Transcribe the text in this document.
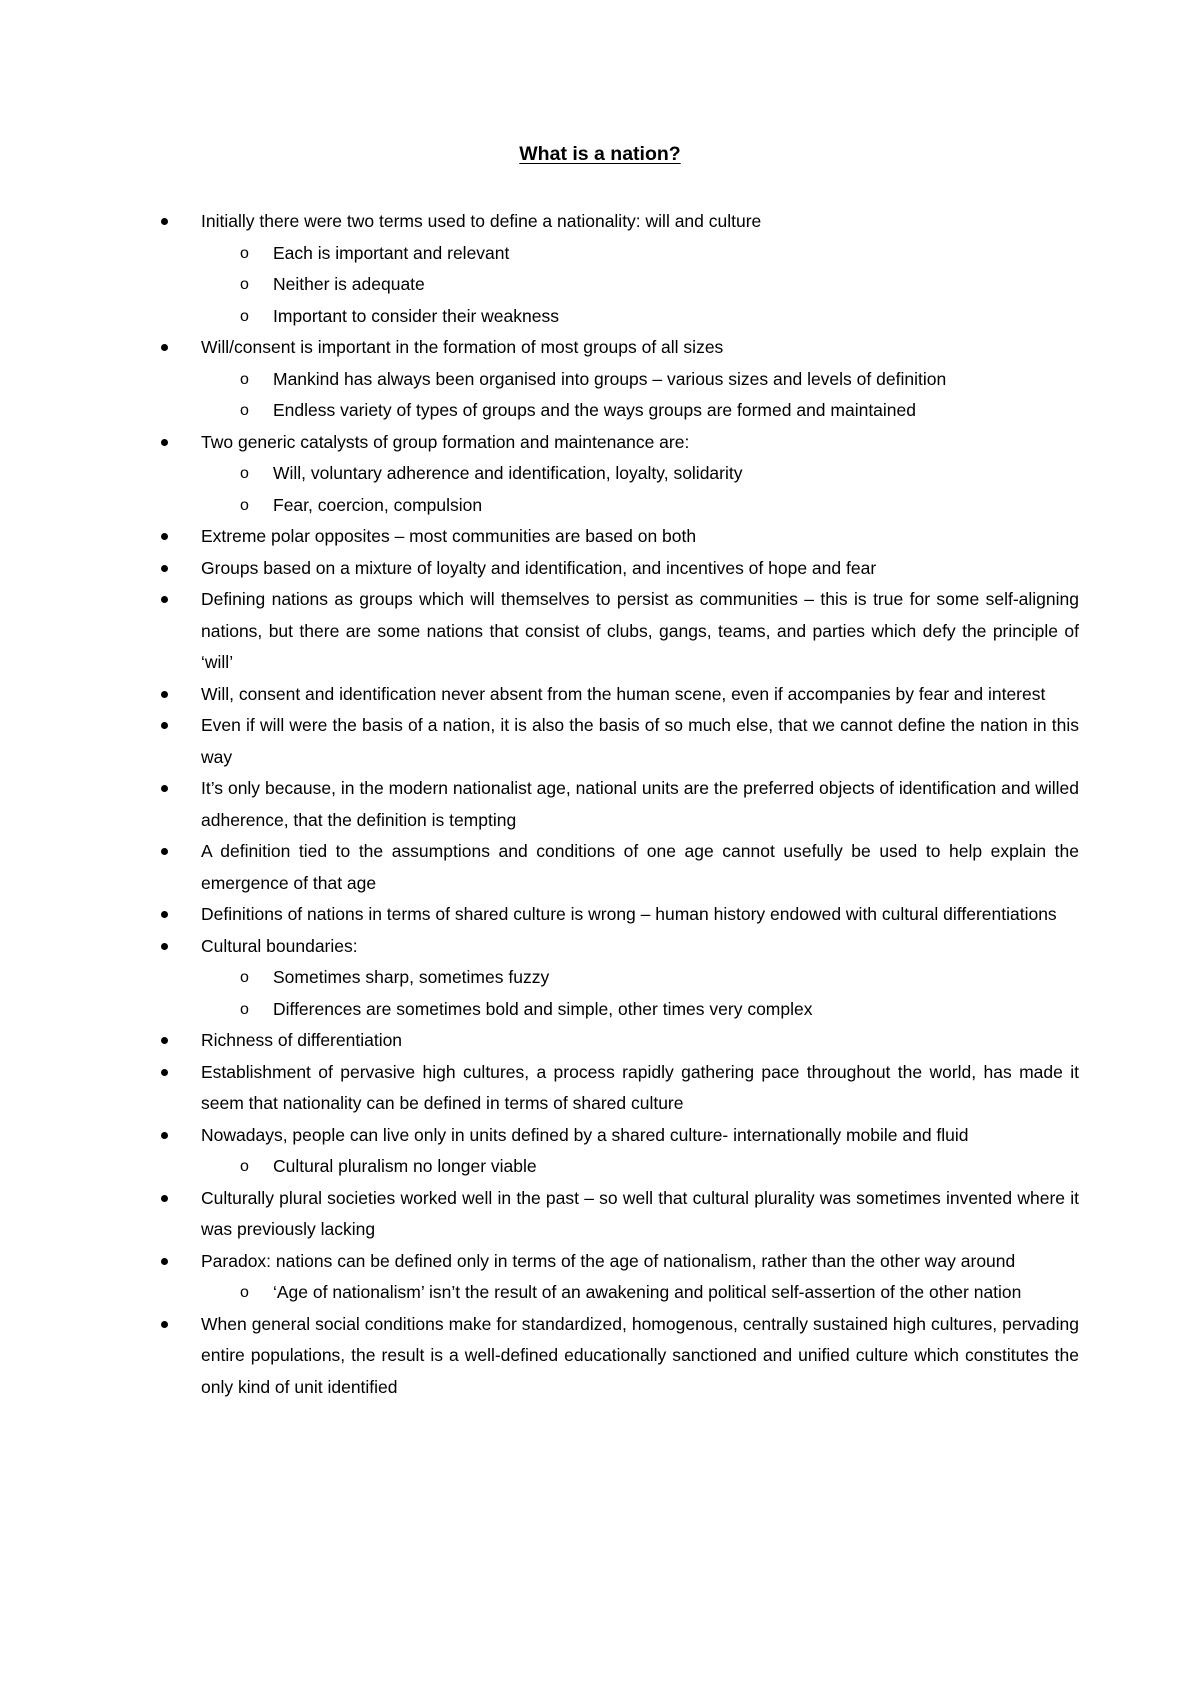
What is a nation?
Initially there were two terms used to define a nationality: will and culture
o Each is important and relevant
o Neither is adequate
o Important to consider their weakness
Will/consent is important in the formation of most groups of all sizes
o Mankind has always been organised into groups – various sizes and levels of definition
o Endless variety of types of groups and the ways groups are formed and maintained
Two generic catalysts of group formation and maintenance are:
o Will, voluntary adherence and identification, loyalty, solidarity
o Fear, coercion, compulsion
Extreme polar opposites – most communities are based on both
Groups based on a mixture of loyalty and identification, and incentives of hope and fear
Defining nations as groups which will themselves to persist as communities – this is true for some self-aligning nations, but there are some nations that consist of clubs, gangs, teams, and parties which defy the principle of ‘will’
Will, consent and identification never absent from the human scene, even if accompanies by fear and interest
Even if will were the basis of a nation, it is also the basis of so much else, that we cannot define the nation in this way
It’s only because, in the modern nationalist age, national units are the preferred objects of identification and willed adherence, that the definition is tempting
A definition tied to the assumptions and conditions of one age cannot usefully be used to help explain the emergence of that age
Definitions of nations in terms of shared culture is wrong – human history endowed with cultural differentiations
Cultural boundaries:
o Sometimes sharp, sometimes fuzzy
o Differences are sometimes bold and simple, other times very complex
Richness of differentiation
Establishment of pervasive high cultures, a process rapidly gathering pace throughout the world, has made it seem that nationality can be defined in terms of shared culture
Nowadays, people can live only in units defined by a shared culture- internationally mobile and fluid
o Cultural pluralism no longer viable
Culturally plural societies worked well in the past – so well that cultural plurality was sometimes invented where it was previously lacking
Paradox: nations can be defined only in terms of the age of nationalism, rather than the other way around
o ‘Age of nationalism’ isn’t the result of an awakening and political self-assertion of the other nation
When general social conditions make for standardized, homogenous, centrally sustained high cultures, pervading entire populations, the result is a well-defined educationally sanctioned and unified culture which constitutes the only kind of unit identified
